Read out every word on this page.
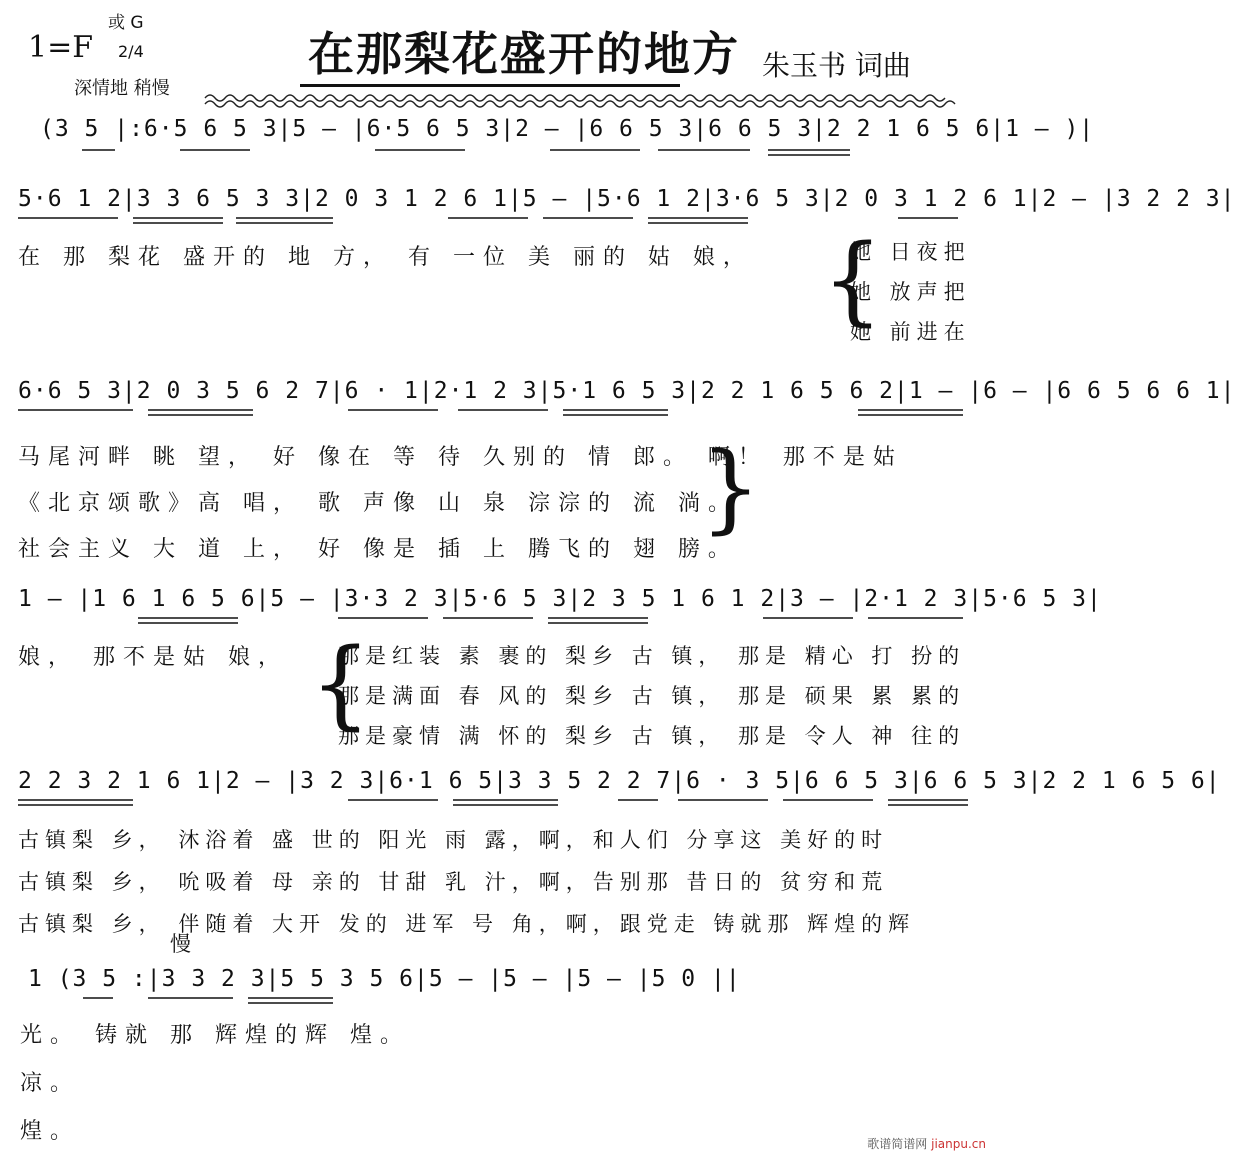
1=F
或 G
2/4
深情地 稍慢
在那梨花盛开的地方 朱玉书 词曲
(3 5 |:6·5 6 5 3|5 — |6·5 6 5 3|2 — |6 6 5 3|6 6 5 3|2 2 1 6 5 6|1 — )|
5·6 1 2|3 3 6 5 3 3|2 0 3 1 2 6 1|5 — |5·6 1 2|3·6 5 3|2 0 3 1 2 6 1|2 — |3 2 2 3|
在 那 梨花 盛开的 地 方， 有 一位 美 丽的 姑 娘， {
她 日夜把
她 放声把
她 前进在
6·6 5 3|2 0 3 5 6 2 7|6 · 1|2·1 2 3|5·1 6 5 3|2 2 1 6 5 6 2|1 — |6 — |6 6 5 6 6 1|
马尾河畔 眺 望， 好 像在 等 待 久别的 情 郎。 啊！ 那不是姑
《北京颂歌》高 唱， 歌 声像 山 泉 淙淙的 流 淌。
社会主义 大 道 上， 好 像是 插 上 腾飞的 翅 膀。
}
1 — |1 6 1 6 5 6|5 — |3·3 2 3|5·6 5 3|2 3 5 1 6 1 2|3 — |2·1 2 3|5·6 5 3|
娘， 那不是姑 娘， {
那是红装 素 裹的 梨乡 古 镇， 那是 精心 打 扮的
那是满面 春 风的 梨乡 古 镇， 那是 硕果 累 累的
那是豪情 满 怀的 梨乡 古 镇， 那是 令人 神 往的
2 2 3 2 1 6 1|2 — |3 2 3|6·1 6 5|3 3 5 2 2 7|6 · 3 5|6 6 5 3|6 6 5 3|2 2 1 6 5 6|
古镇梨 乡， 沐浴着 盛 世的 阳光 雨 露，啊，和人们 分享这 美好的时
古镇梨 乡， 吮吸着 母 亲的 甘甜 乳 汁，啊，告别那 昔日的 贫穷和荒
古镇梨 乡， 伴随着 大开 发的 进军 号 角，啊，跟党走 铸就那 辉煌的辉
慢
1 (3 5 :|3 3 2 3|5 5 3 5 6|5 — |5 — |5 — |5 0 ||
光。 铸就 那 辉煌的辉 煌。
凉。
煌。	歌谱简谱网 jianpu.cn
